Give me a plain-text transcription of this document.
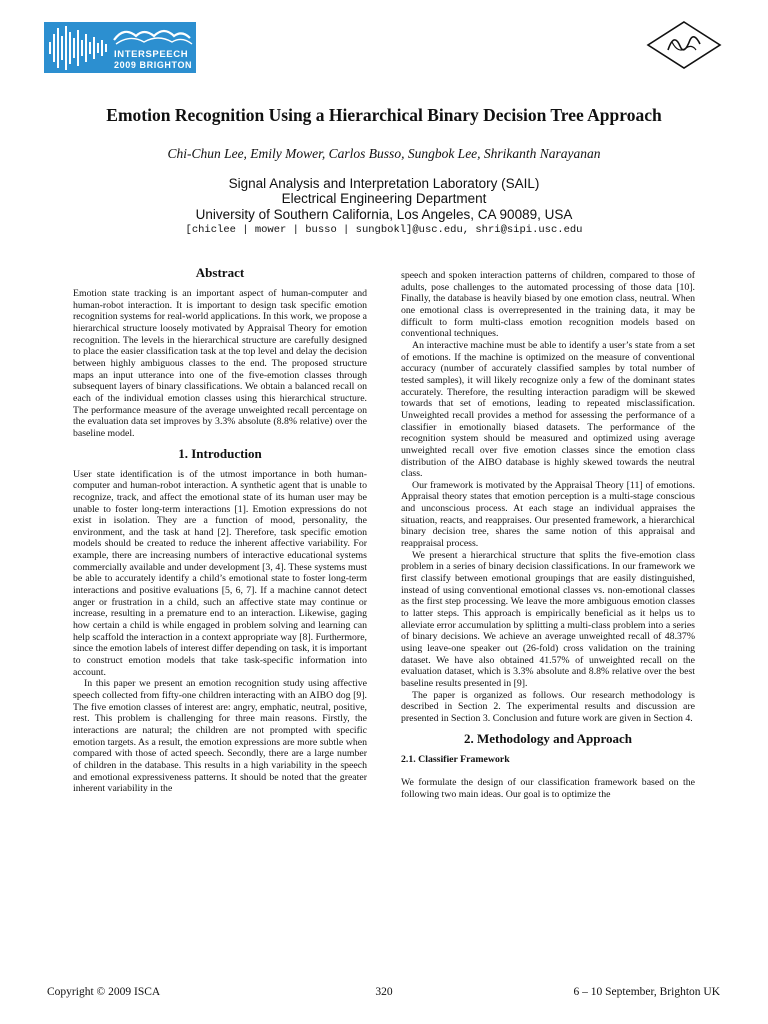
INTERSPEECH
2009 BRIGHTON
Emotion Recognition Using a Hierarchical Binary Decision Tree Approach
Chi-Chun Lee, Emily Mower, Carlos Busso, Sungbok Lee, Shrikanth Narayanan
Signal Analysis and Interpretation Laboratory (SAIL)
Electrical Engineering Department
University of Southern California, Los Angeles, CA 90089, USA
[chiclee | mower | busso | sungbokl]@usc.edu, shri@sipi.usc.edu
Abstract

Emotion state tracking is an important aspect of human-computer and human-robot interaction. It is important to design task specific emotion recognition systems for real-world applications. In this work, we propose a hierarchical structure loosely motivated by Appraisal Theory for emotion recognition. The levels in the hierarchical structure are carefully designed to place the easier classification task at the top level and delay the decision between highly ambiguous classes to the end. The proposed structure maps an input utterance into one of the five-emotion classes through subsequent layers of binary classifications. We obtain a balanced recall on each of the individual emotion classes using this hierarchical structure. The performance measure of the average unweighted recall percentage on the evaluation data set improves by 3.3% absolute (8.8% relative) over the baseline model.

1. Introduction

User state identification is of the utmost importance in both human-computer and human-robot interaction. A synthetic agent that is unable to recognize, track, and affect the emotional state of its human user may be unable to foster long-term interactions [1]. Emotion expressions do not exist in isolation. They are a function of mood, personality, the environment, and the task at hand [2]. Therefore, task specific emotion models should be created to reduce the inherent affective variability. For example, there are increasing numbers of interactive educational systems commercially available and under development [3, 4]. These systems must be able to accurately identify a child’s emotional state to foster long-term interactions and positive evaluations [5, 6, 7]. If a machine cannot detect anger or frustration in a child, such an affective state may continue or increase, resulting in a premature end to an interaction. Likewise, gaging how certain a child is while engaged in problem solving and learning can help scaffold the interaction in a context appropriate way [8]. Furthermore, since the emotion labels of interest differ depending on task, it is important to construct emotion models that take task-specific information into account.

In this paper we present an emotion recognition study using affective speech collected from fifty-one children interacting with an AIBO dog [9]. The five emotion classes of interest are: angry, emphatic, neutral, positive, rest. This problem is challenging for three main reasons. Firstly, the interactions are natural; the children are not prompted with specific emotion targets. As a result, the emotion expressions are more subtle when compared with those of acted speech. Secondly, there are a large number of children in the database. This results in a high variability in the speech and emotional expressiveness patterns. It should be noted that the greater inherent variability in the

speech and spoken interaction patterns of children, compared to those of adults, pose challenges to the automated processing of those data [10]. Finally, the database is heavily biased by one emotion class, neutral. When one emotional class is overrepresented in the training data, it may be difficult to form multi-class emotion recognition models based on conventional techniques.

An interactive machine must be able to identify a user’s state from a set of emotions. If the machine is optimized on the measure of conventional accuracy (number of accurately classified samples by total number of tested samples), it will likely recognize only a few of the dominant states accurately. Therefore, the resulting interaction paradigm will be skewed towards that set of emotions, leading to repeated misclassification. Unweighted recall provides a method for assessing the performance of a classifier in emotionally biased datasets. The performance of the recognition system should be measured and optimized using average unweighted recall over five emotion classes since the emotion class distribution of the AIBO database is highly skewed towards the neutral class.

Our framework is motivated by the Appraisal Theory [11] of emotions. Appraisal theory states that emotion perception is a multi-stage conscious and unconscious process. At each stage an individual appraises the situation, reacts, and reappraises. Our presented framework, a hierarchical binary decision tree, shares the same notion of this appraisal and reappraisal process.

We present a hierarchical structure that splits the five-emotion class problem in a series of binary decision classifications. In our framework we first classify between emotional groupings that are easily distinguished, instead of using conventional emotional classes vs. non-emotional classes as the first step processing. We leave the more ambiguous emotion classes to latter steps. This approach is empirically beneficial as it helps us to alleviate error accumulation by splitting a multi-class problem into a series of binary decisions. We achieve an average unweighted recall of 48.37% using leave-one speaker out (26-fold) cross validation on the training dataset. We have also obtained 41.57% of unweighted recall on the evaluation dataset, which is 3.3% absolute and 8.8% relative over the best baseline results presented in [9].

The paper is organized as follows. Our research methodology is described in Section 2. The experimental results and discussion are presented in Section 3. Conclusion and future work are given in Section 4.

2. Methodology and Approach
2.1. Classifier Framework

We formulate the design of our classification framework based on the following two main ideas. Our goal is to optimize the

Copyright © 2009 ISCA	320	6 – 10 September, Brighton UK
